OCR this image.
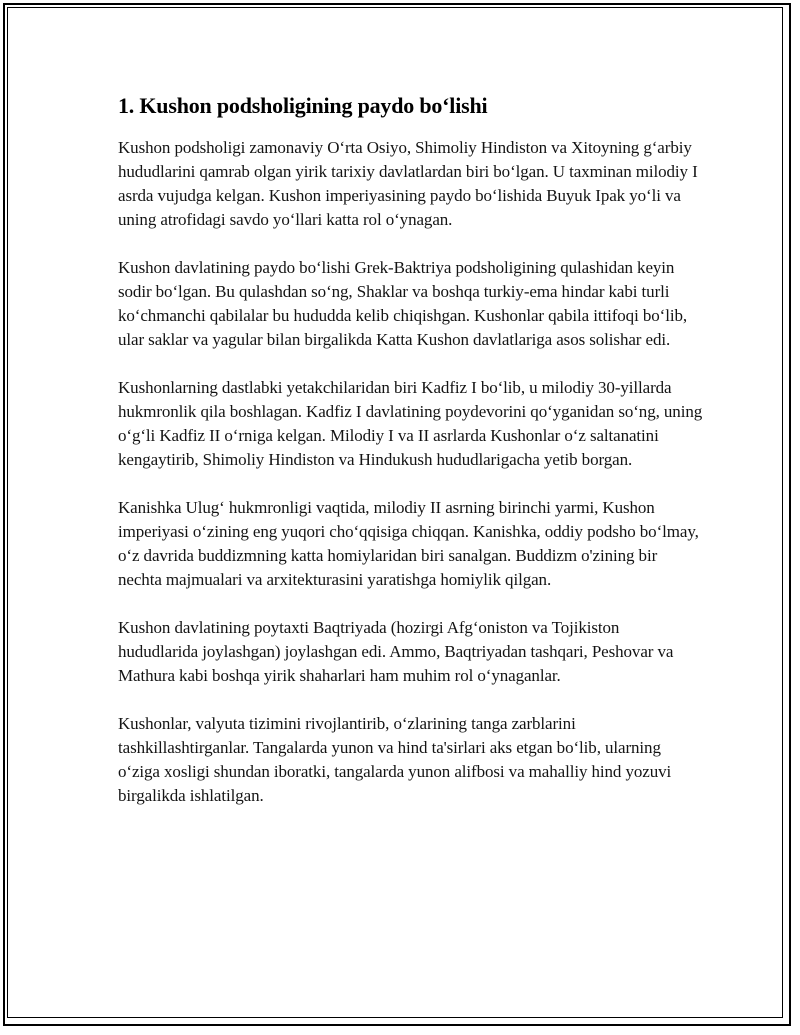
1. Kushon podsholigining paydo bo‘lishi

Kushon podsholigi zamonaviy O‘rta Osiyo, Shimoliy Hindiston va Xitoyning g‘arbiy hududlarini qamrab olgan yirik tarixiy davlatlardan biri bo‘lgan. U taxminan milodiy I asrda vujudga kelgan. Kushon imperiyasining paydo bo‘lishida Buyuk Ipak yo‘li va uning atrofidagi savdo yo‘llari katta rol o‘ynagan.

Kushon davlatining paydo bo‘lishi Grek-Baktriya podsholigining qulashidan keyin sodir bo‘lgan. Bu qulashdan so‘ng, Shaklar va boshqa turkiy-ema hindar kabi turli ko‘chmanchi qabilalar bu hududda kelib chiqishgan. Kushonlar qabila ittifoqi bo‘lib, ular saklar va yagular bilan birgalikda Katta Kushon davlatlariga asos solishar edi.

Kushonlarning dastlabki yetakchilaridan biri Kadfiz I bo‘lib, u milodiy 30-yillarda hukmronlik qila boshlagan. Kadfiz I davlatining poydevorini qo‘yganidan so‘ng, uning o‘g‘li Kadfiz II o‘rniga kelgan. Milodiy I va II asrlarda Kushonlar o‘z saltanatini kengaytirib, Shimoliy Hindiston va Hindukush hududlarigacha yetib borgan.

Kanishka Ulug‘ hukmronligi vaqtida, milodiy II asrning birinchi yarmi, Kushon imperiyasi o‘zining eng yuqori cho‘qqisiga chiqqan. Kanishka, oddiy podsho bo‘lmay, o‘z davrida buddizmning katta homiylaridan biri sanalgan. Buddizm o'zining bir nechta majmualari va arxitekturasini yaratishga homiylik qilgan.

Kushon davlatining poytaxti Baqtriyada (hozirgi Afg‘oniston va Tojikiston hududlarida joylashgan) joylashgan edi. Ammo, Baqtriyadan tashqari, Peshovar va Mathura kabi boshqa yirik shaharlari ham muhim rol o‘ynaganlar.

Kushonlar, valyuta tizimini rivojlantirib, o‘zlarining tanga zarblarini tashkillashtirganlar. Tangalarda yunon va hind ta'sirlari aks etgan bo‘lib, ularning o‘ziga xosligi shundan iboratki, tangalarda yunon alifbosi va mahalliy hind yozuvi birgalikda ishlatilgan.
